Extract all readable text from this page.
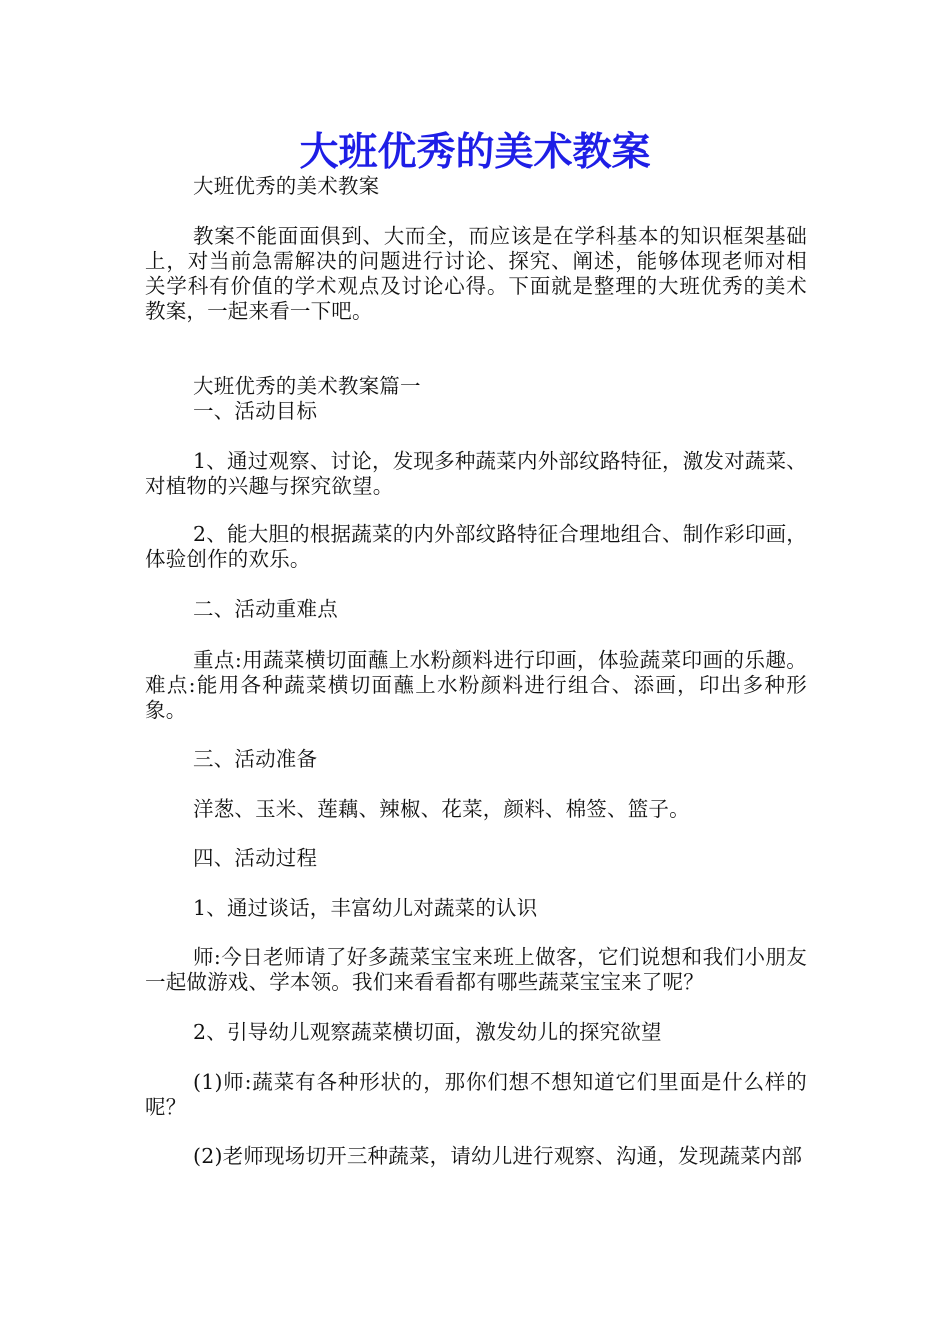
大班优秀的美术教案

大班优秀的美术教案

教案不能面面俱到、大而全，而应该是在学科基本的知识框架基础上，对当前急需解决的问题进行讨论、探究、阐述，能够体现老师对相关学科有价值的学术观点及讨论心得。下面就是整理的大班优秀的美术教案，一起来看一下吧。

大班优秀的美术教案篇一

一、活动目标

1、通过观察、讨论，发现多种蔬菜内外部纹路特征，激发对蔬菜、对植物的兴趣与探究欲望。

2、能大胆的根据蔬菜的内外部纹路特征合理地组合、制作彩印画，体验创作的欢乐。

二、活动重难点

重点:用蔬菜横切面蘸上水粉颜料进行印画，体验蔬菜印画的乐趣。难点:能用各种蔬菜横切面蘸上水粉颜料进行组合、添画，印出多种形象。

三、活动准备

洋葱、玉米、莲藕、辣椒、花菜，颜料、棉签、篮子。

四、活动过程

1、通过谈话，丰富幼儿对蔬菜的认识

师:今日老师请了好多蔬菜宝宝来班上做客，它们说想和我们小朋友一起做游戏、学本领。我们来看看都有哪些蔬菜宝宝来了呢？

2、引导幼儿观察蔬菜横切面，激发幼儿的探究欲望

(1)师:蔬菜有各种形状的，那你们想不想知道它们里面是什么样的呢？

(2)老师现场切开三种蔬菜，请幼儿进行观察、沟通，发现蔬菜内部
